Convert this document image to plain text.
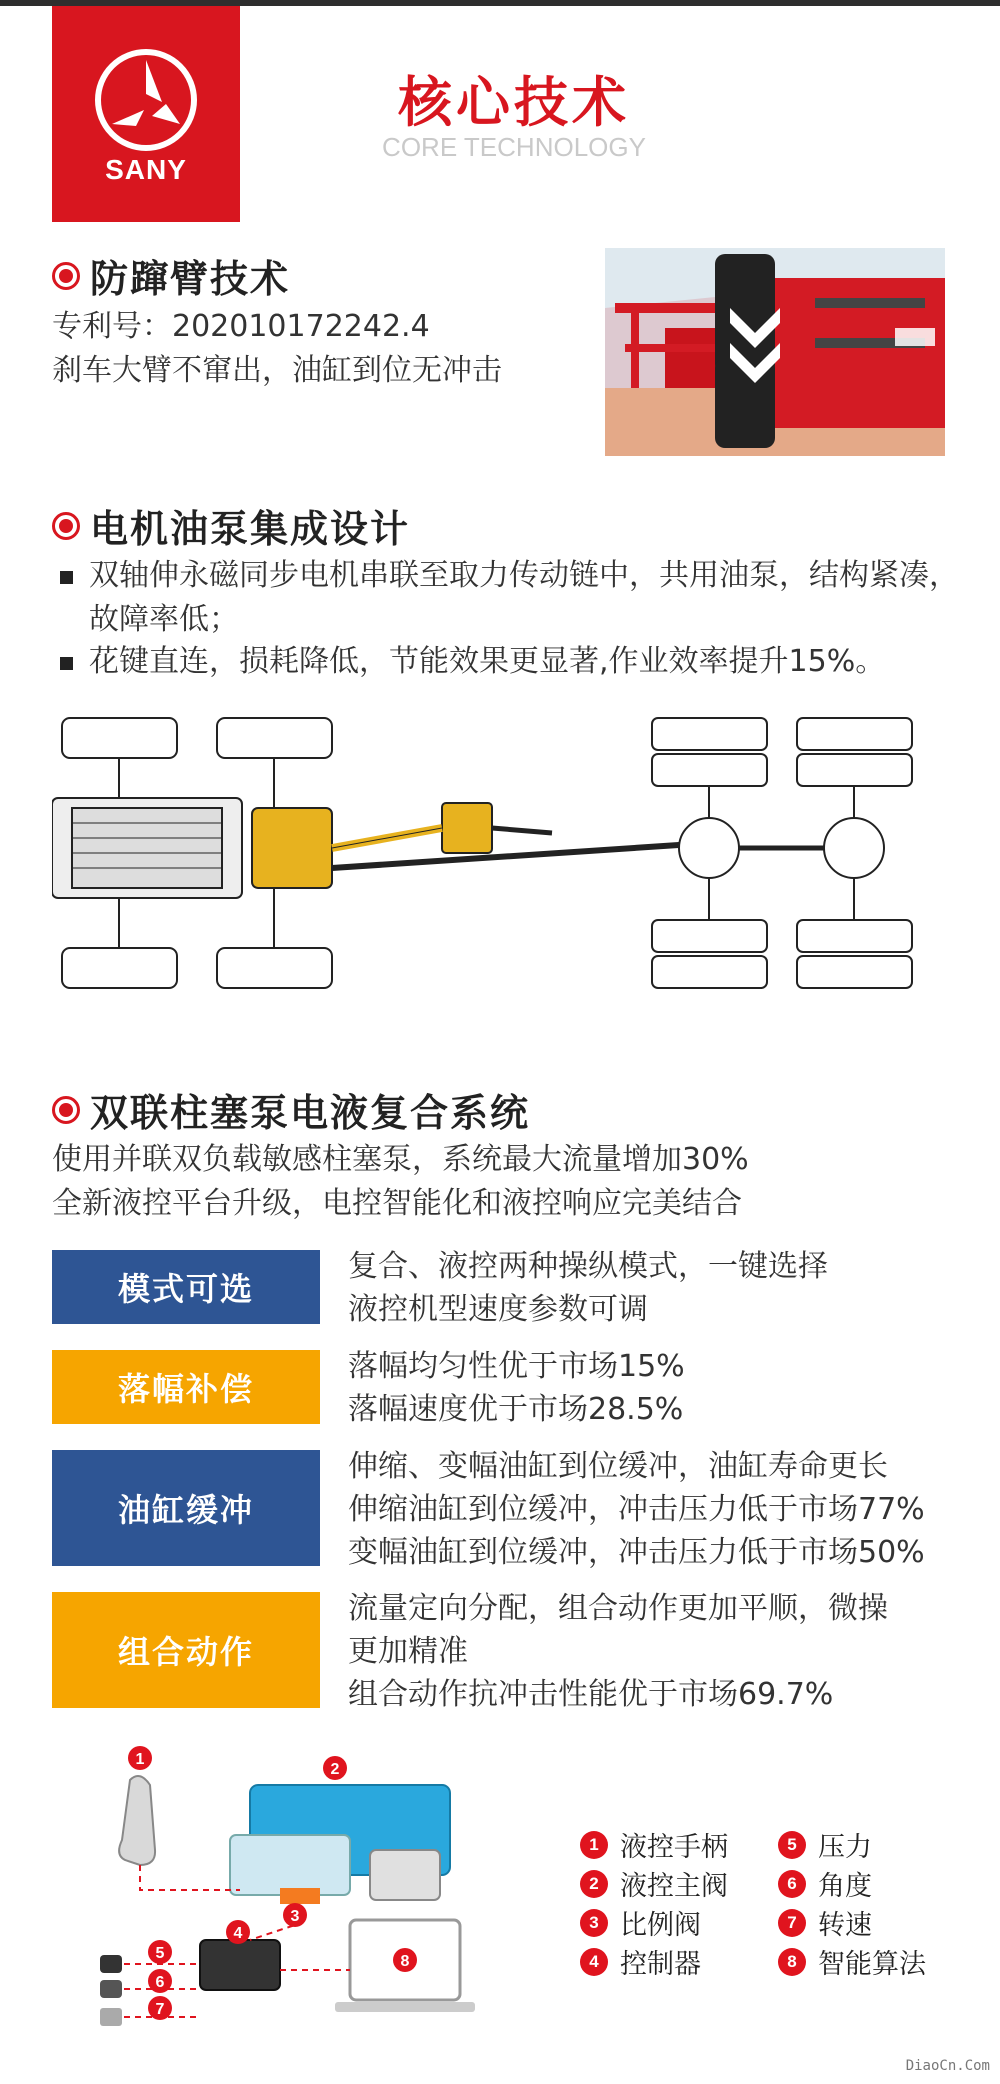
SANY
核心技术
CORE TECHNOLOGY
防蹿臂技术
专利号：202010172242.4
刹车大臂不窜出，油缸到位无冲击
电机油泵集成设计
双轴伸永磁同步电机串联至取力传动链中，共用油泵，结构紧凑，
故障率低；
花键直连，损耗降低，节能效果更显著,作业效率提升15%。
双联柱塞泵电液复合系统
使用并联双负载敏感柱塞泵，系统最大流量增加30%
全新液控平台升级，电控智能化和液控响应完美结合
模式可选
复合、液控两种操纵模式，一键选择
液控机型速度参数可调
落幅补偿
落幅均匀性优于市场15%
落幅速度优于市场28.5%
油缸缓冲
伸缩、变幅油缸到位缓冲，油缸寿命更长
伸缩油缸到位缓冲，冲击压力低于市场77%
变幅油缸到位缓冲，冲击压力低于市场50%
组合动作
流量定向分配，组合动作更加平顺，微操
更加精准
组合动作抗冲击性能优于市场69.7%
1
2
3
4
5
6
7
8
1 液控手柄
2 液控主阀
3 比例阀
4 控制器
5 压力
6 角度
7 转速
8 智能算法
DiaoCn.Com
